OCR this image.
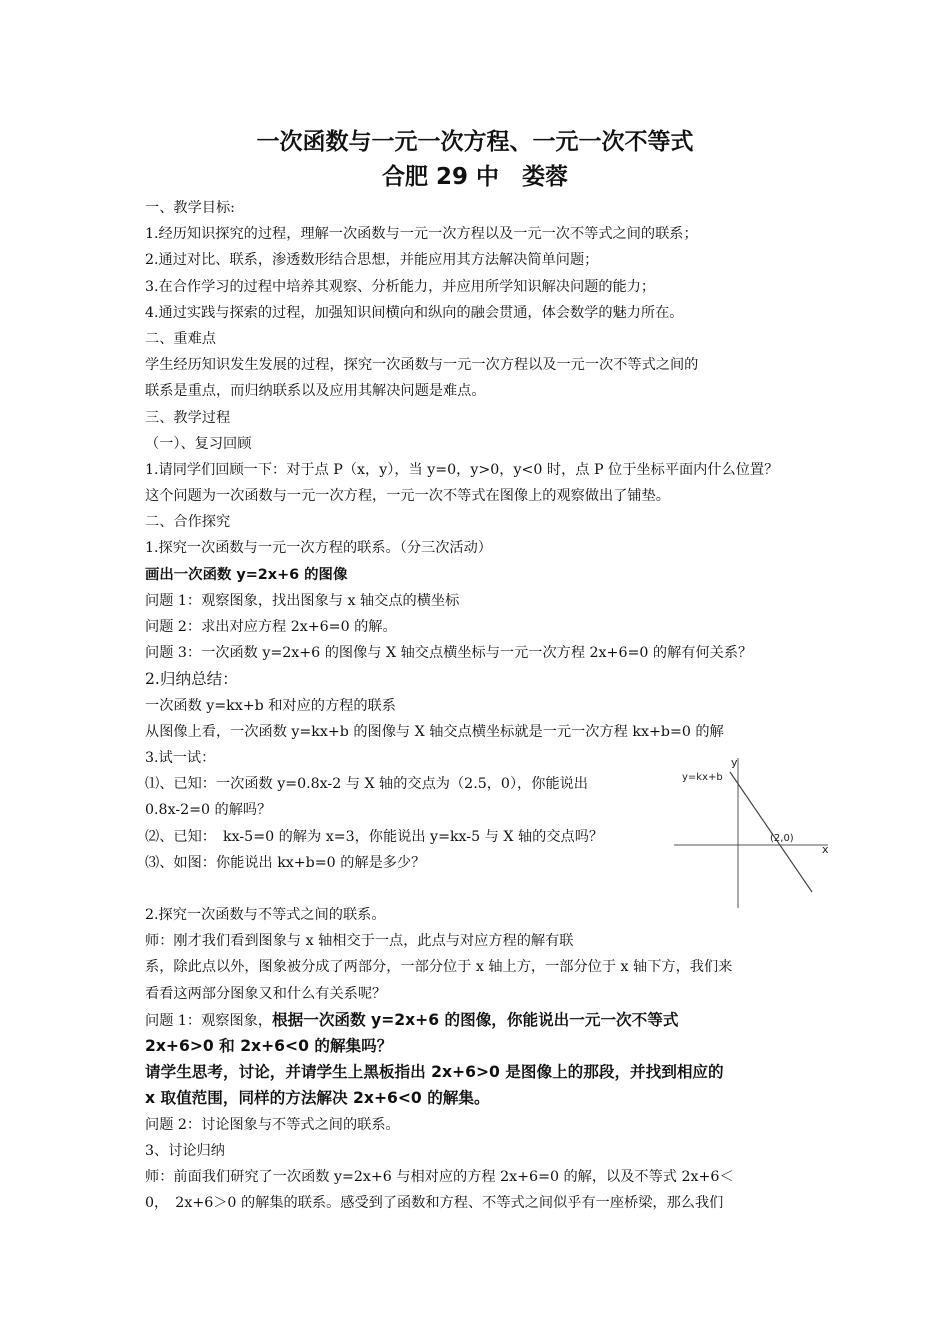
一次函数与一元一次方程、一元一次不等式
合肥 29 中　娄蓉
一、教学目标:
1.经历知识探究的过程，理解一次函数与一元一次方程以及一元一次不等式之间的联系；
2.通过对比、联系，渗透数形结合思想，并能应用其方法解决简单问题；
3.在合作学习的过程中培养其观察、分析能力，并应用所学知识解决问题的能力；
4.通过实践与探索的过程，加强知识间横向和纵向的融会贯通，体会数学的魅力所在。
二、重难点
学生经历知识发生发展的过程，探究一次函数与一元一次方程以及一元一次不等式之间的
联系是重点，而归纳联系以及应用其解决问题是难点。
三、教学过程
（一）、复习回顾
1.请同学们回顾一下：对于点 P（x，y），当 y=0，y>0，y<0 时，点 P 位于坐标平面内什么位置？
这个问题为一次函数与一元一次方程，一元一次不等式在图像上的观察做出了铺垫。
二、合作探究
1.探究一次函数与一元一次方程的联系。（分三次活动）
画出一次函数 y=2x+6 的图像
问题 1：观察图象，找出图象与 x 轴交点的横坐标
问题 2：求出对应方程 2x+6=0 的解。
问题 3：一次函数 y=2x+6 的图像与 X 轴交点横坐标与一元一次方程 2x+6=0 的解有何关系？
2.归纳总结：
一次函数 y=kx+b 和对应的方程的联系
从图像上看，一次函数 y=kx+b 的图像与 X 轴交点横坐标就是一元一次方程 kx+b=0 的解
3.试一试：
⑴、已知：一次函数 y=0.8x-2 与 X 轴的交点为（2.5，0），你能说出
0.8x-2=0 的解吗？
⑵、已知：　kx-5=0 的解为 x=3，你能说出 y=kx-5 与 X 轴的交点吗？
⑶、如图：你能说出 kx+b=0 的解是多少？
2.探究一次函数与不等式之间的联系。
师：刚才我们看到图象与 x 轴相交于一点，此点与对应方程的解有联
系，除此点以外，图象被分成了两部分，一部分位于 x 轴上方，一部分位于 x 轴下方，我们来
看看这两部分图象又和什么有关系呢？
问题 1：观察图象，根据一次函数 y=2x+6 的图像，你能说出一元一次不等式
2x+6>0 和 2x+6<0 的解集吗？
请学生思考，讨论，并请学生上黑板指出 2x+6>0 是图像上的那段，并找到相应的
x 取值范围，同样的方法解决 2x+6<0 的解集。
问题 2：讨论图象与不等式之间的联系。
3、讨论归纳
师：前面我们研究了一次函数 y=2x+6 与相对应的方程 2x+6=0 的解，以及不等式 2x+6＜
0，　2x+6＞0 的解集的联系。感受到了函数和方程、不等式之间似乎有一座桥梁，那么我们
y
x
y=kx+b
(2,0)
